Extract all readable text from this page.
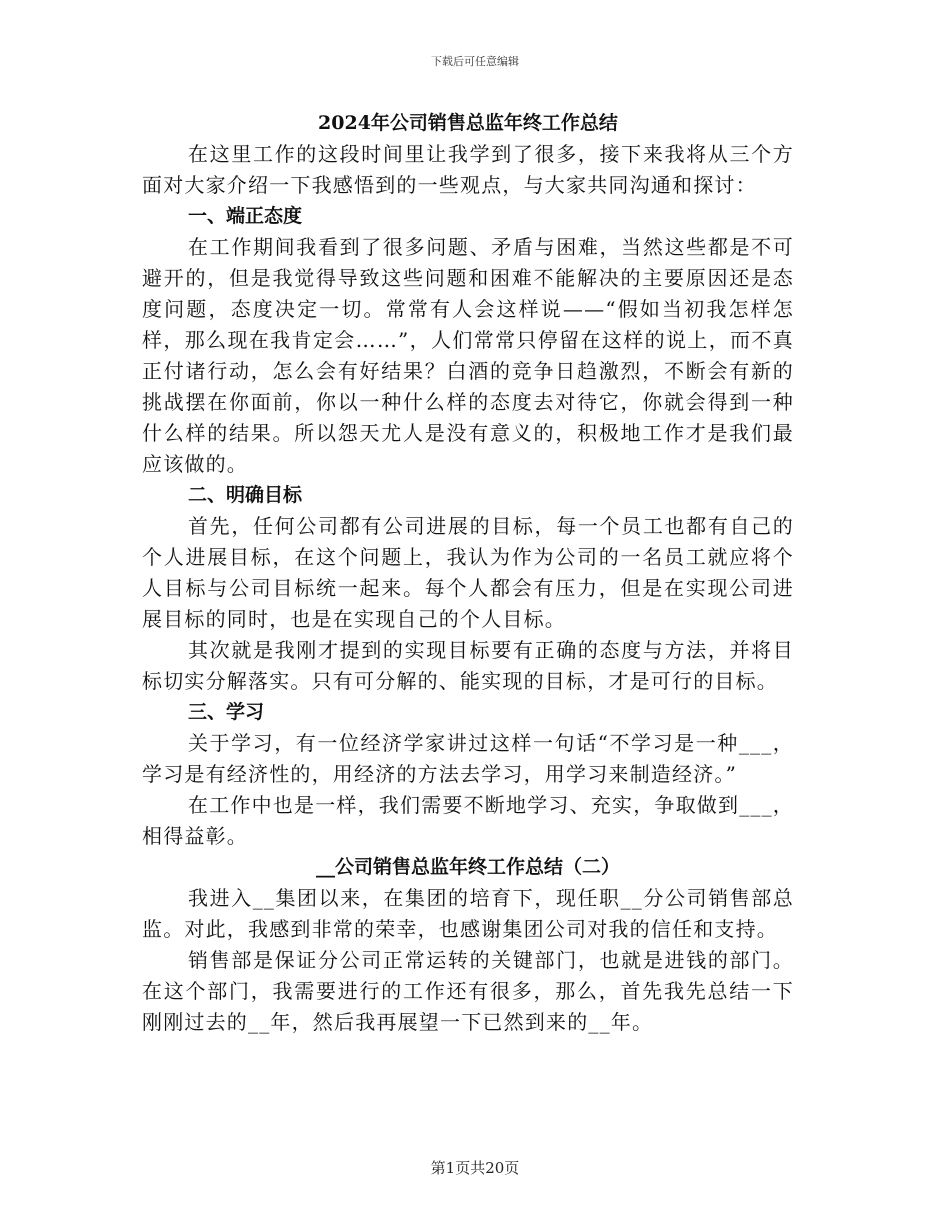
下载后可任意编辑

2024年公司销售总监年终工作总结

在这里工作的这段时间里让我学到了很多，接下来我将从三个方面对大家介绍一下我感悟到的一些观点，与大家共同沟通和探讨：

一、端正态度

在工作期间我看到了很多问题、矛盾与困难，当然这些都是不可避开的，但是我觉得导致这些问题和困难不能解决的主要原因还是态度问题，态度决定一切。常常有人会这样说——“假如当初我怎样怎样，那么现在我肯定会……”，人们常常只停留在这样的说上，而不真正付诸行动，怎么会有好结果？白酒的竞争日趋激烈，不断会有新的挑战摆在你面前，你以一种什么样的态度去对待它，你就会得到一种什么样的结果。所以怨天尤人是没有意义的，积极地工作才是我们最应该做的。

二、明确目标

首先，任何公司都有公司进展的目标，每一个员工也都有自己的个人进展目标，在这个问题上，我认为作为公司的一名员工就应将个人目标与公司目标统一起来。每个人都会有压力，但是在实现公司进展目标的同时，也是在实现自己的个人目标。

其次就是我刚才提到的实现目标要有正确的态度与方法，并将目标切实分解落实。只有可分解的、能实现的目标，才是可行的目标。

三、学习

关于学习，有一位经济学家讲过这样一句话“不学习是一种___，学习是有经济性的，用经济的方法去学习，用学习来制造经济。”

在工作中也是一样，我们需要不断地学习、充实，争取做到___，相得益彰。

__公司销售总监年终工作总结（二）

我进入__集团以来，在集团的培育下，现任职__分公司销售部总监。对此，我感到非常的荣幸，也感谢集团公司对我的信任和支持。

销售部是保证分公司正常运转的关键部门，也就是进钱的部门。在这个部门，我需要进行的工作还有很多，那么，首先我先总结一下刚刚过去的__年，然后我再展望一下已然到来的__年。

第1页共20页
